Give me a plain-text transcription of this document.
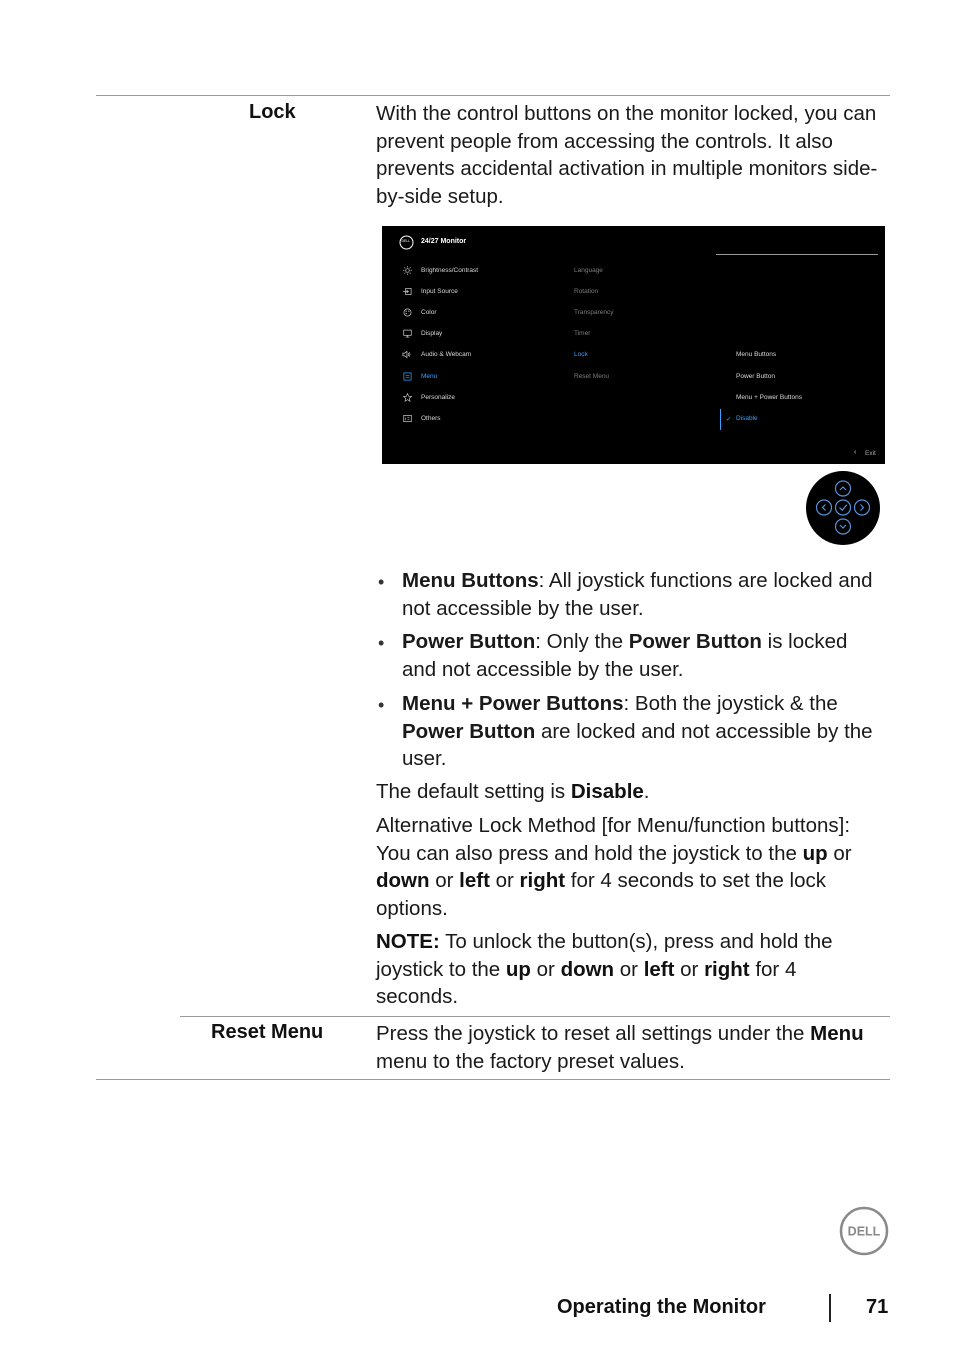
Lock	With the control buttons on the monitor locked, you can prevent people from accessing the controls. It also prevents accidental activation in multiple monitors side-by-side setup.
DELL 24/27 Monitor
Brightness/Contrast
Input Source
Color
Display
Audio & Webcam
Menu
Personalize
Others
Language
Rotation
Transparency
Timer
Lock
Reset Menu
Menu Buttons
Power Button
Menu + Power Buttons
✓ Disable
‹ Exit
• Menu Buttons: All joystick functions are locked and not accessible by the user.
• Power Button: Only the Power Button is locked and not accessible by the user.
• Menu + Power Buttons: Both the joystick & the Power Button are locked and not accessible by the user.
The default setting is Disable.
Alternative Lock Method [for Menu/function buttons]: You can also press and hold the joystick to the up or down or left or right for 4 seconds to set the lock options.
NOTE: To unlock the button(s), press and hold the joystick to the up or down or left or right for 4 seconds.
Reset Menu	Press the joystick to reset all settings under the Menu menu to the factory preset values.
DELL
Operating the Monitor	71
